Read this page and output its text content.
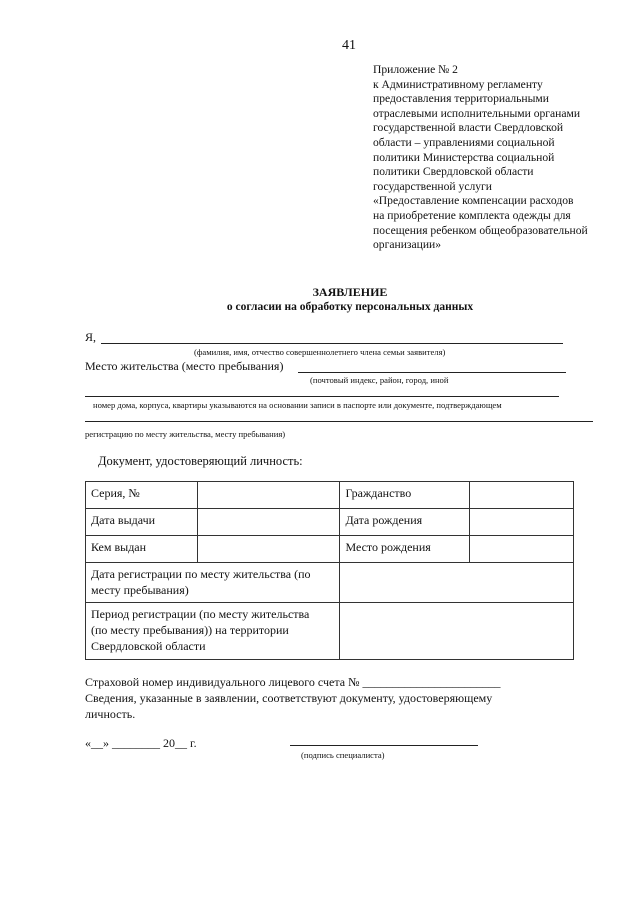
41
Приложение № 2
к Административному регламенту
предоставления территориальными
отраслевыми исполнительными органами
государственной власти Свердловской
области – управлениями социальной
политики Министерства социальной
политики Свердловской области
государственной услуги
«Предоставление компенсации расходов
на приобретение комплекта одежды для
посещения ребенком общеобразовательной
организации»
ЗАЯВЛЕНИЕ
о согласии на обработку персональных данных
Я,
(фамилия, имя, отчество совершеннолетнего члена семьи заявителя)
Место жительства (место пребывания)
(почтовый индекс, район, город, иной
номер дома, корпуса, квартиры указываются на основании записи в паспорте или документе, подтверждающем
регистрацию по месту жительства, месту пребывания)
Документ, удостоверяющий личность:
Серия, №		Гражданство	
Дата выдачи		Дата рождения	
Кем выдан		Место рождения	

Дата регистрации по месту жительства (по
месту пребывания)			

Период регистрации (по месту жительства
(по месту пребывания)) на территории
Свердловской области			

Страховой номер индивидуального лицевого счета № _______________________
Сведения, указанные в заявлении, соответствуют документу, удостоверяющему
личность.
«__» ________ 20__ г.
(подпись специалиста)
